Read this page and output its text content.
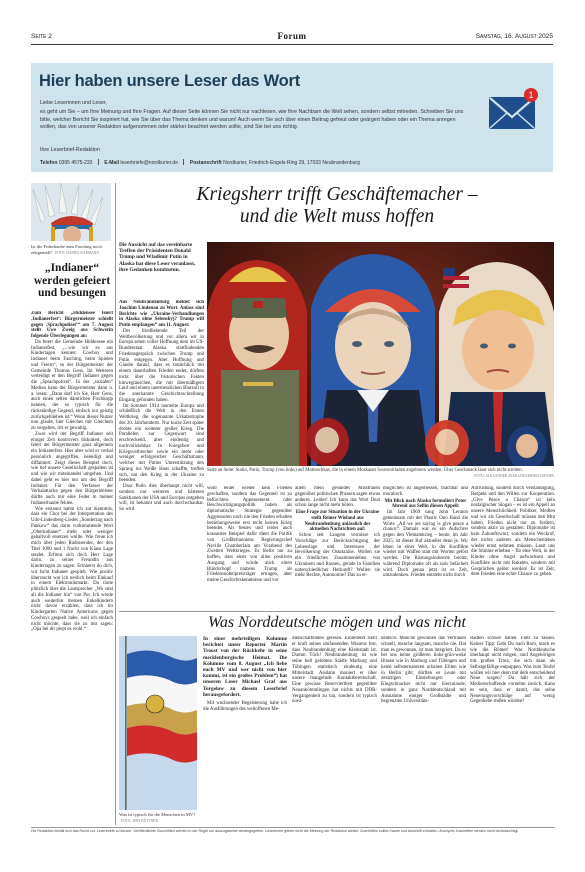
Seite 2	Forum	Samstag, 16. August 2025
Hier haben unsere Leser das Wort
Liebe Leserinnen und Leser,
es geht um Sie – um Ihre Meinung und Ihre Fragen. Auf dieser Seite können Sie nicht nur nachlesen, wie Ihre Nachbarn die Welt sehen, sondern selbst mitreden. Schreiben Sie uns bitte, welcher Bericht Sie inspiriert hat, wie Sie über das Thema denken und warum! Auch wenn Sie sich über einen Beitrag gefreut oder geärgert haben oder ein Thema anregen wollen, das von unserer Redaktion aufgenommen oder stärker beachtet werden sollte, sind Sie bei uns richtig.
Ihre Leserbrief-Redaktion
Telefon 0395 4575-233 E-Mail leserbriefe@nordkurier.de Postanschrift Nordkurier, Friedrich-Engels-Ring 29, 17033 Neubrandenburg
1
Ist die Federhaube zum Fasching noch zeitgemäß? FOTO: DANIEL KARMANN
„Indianer“ werden gefeiert und besungen

Zum Bericht „Hiddensee feiert ‚Indianerfest‘: Bürgermeister schießt gegen ‚Sprachpolizei‘“ am 7. August stellt Uwe Zweig aus Schwerin folgende Überlegungen an:

Da feiert die Gemeinde Hiddensee ein Indianerfest, „...wie wir es aus Kindertagen kennen: Cowboy und Indianer beim Fasching, beim Spielen und Feiern“, so der Bürgermeister der Gemeinde Thomas Gens. Im Weiteren verteidigt er den Begriff Indianer gegen die „Sprachpolizei“. In der „sozialen“ Medien kann der Bürgermeister dann u. a. lesen: „Dann darf ich Sie, Herr Gens, auch einen selten dämlichen Fischkopp nennen, der so typisch für die rückständige Gegend, einfach nur geistig zurückgeblieben ist.“ Wenn dieser Nutzer nun glaubt, hier Gleiches mit Gleichem zu vergelten, irrt er gewaltig.

Zwar wird der Begriff Indianer seit einiger Zeit kontrovers diskutiert, doch feiert der Bürgermeister ganz allgemein ein Indianerfest. Hier aber wird er verbal persönlich angegriffen, beleidigt und diffamiert. Zeigt dieses Beispiel doch, wie tief unsere Gesellschaft gespalten ist und wie wir miteinander umgehen. Und dabei geht es hier nur um den Begriff Indianer. Für den Verfasser der Verbalattacke gegen den Bürgermeister dürfte auch mir eine Feder in meiner Indianerhaube fehlen.

Wie erstaunt nahm ich zur Kenntnis, dass ein Chor bei der Interpretation des Udo-Lindenberg-Liedes „Sonderzug nach Pankow“ das darin vorkommende Wort „Oberindianer“ mehr oder weniger gehaltvoll ersetzen wollte. Wie freue ich mich über jeden Radiosender, der den Titel 1000 und 1 Nacht von Klaus Lage sendet. Erfreut sich doch Herr Lage darin, zu seiner Freundin aus Kindertagen zu sagen: Erinnerst du dich, wir ha'm Indianer gespielt. Wie positiv überrascht war ich neulich beim Einkauf in einem Elektronikmarkt. Da tönte plötzlich über die Lautsprecher „Wo sind all die Indianer hin“ von Pur. Ich werde auch weiterhin meinen Enkelkindern nicht davon erzählen, dass ich im Kindergarten Native Americans gegen Cowboys gespielt habe, weil ich einfach nicht möchte, dass sie zu mir sagen: „Opa bei dir piept es wohl.“

Kriegsherr trifft Geschäftemacher –
und die Welt muss hoffen
Die Aussicht auf das vereinbarte Treffen der Präsidenten Donald Trump und Wladimir Putin in Alaska hat diese Leser veranlasst, ihre Gedanken kundzutun.
Seite an Seite: Stalin, Putin, Trump (von links) auf Matroschkas, die in einem Moskauer Souvenirladen angeboten werden. Über Geschmack lässt sich nicht streiten.
FOTO: ALEXANDER ZEMLIANICHENKO/AP/DPA

Aus Neubrandenburg meldet sich Joachim Lindenau zu Wort. Anlass sind Berichte wie „Ukraine-Verhandlungen in Alaska ohne Selenskyj? Trump will Putin empfangen“ am 11. August:

Der friedliebende Teil der Weltbevölkerung und vor allem wir in Europa sehen voller Hoffnung dem im US-Bundesstaat Alaska stattfindenden Friedensgespräch zwischen Trump und Putin entgegen. Aber Hoffnung und Glaube darauf, dass es tatsächlich mit einem dauerhaften Frieden endet, dürften nicht über die historischen Fakten hinwegtäuschen, die mit übermäßigem Leid und einem unermesslichen Blutzoll in die anerkannte Geschichtsschreibung Eingang gefunden haben.

Im Sommer 1914 taumelte Europa und schließlich die Welt in den Ersten Weltkrieg, die sogenannte Urkatastrophe des 20. Jahrhunderts. Nur kurze Zeit später drohte ein weiterer großer Krieg. Die Parallelen zur Gegenwart sind erschreckend, aber eindeutig und nachvollziehbar. In Kriegsherr und Kriegsverbrecher sowie ein mehr oder weniger erfolgreicher Geschäftsmann, welcher mit Putins Unterstützung den Sprung ins Weiße Haus schaffte, treffen sich, um den Krieg in der Ukraine zu beenden.

Dass Putin dies überhaupt nicht will, sondern nur weiteren und härteren Sanktionen der USA und Europas entgehen will, ist bekannt und auch durchschaubar. So wird

wohl leider wieder kein Frieden geschaffen, sondern das Gegenteil ist zu befürchten. Appeasement oder Beschwichtigungspolitik haben als diplomatische Strategie gegenüber Aggressoren noch nie den Frieden erhalten beziehungsweise erst recht keinen Krieg beendet. Als bestes und leider auch krassestes Beispiel dafür dient die Politik von Großbritanniens Regierungschef Neville Chamberlain am Vorabend des Zweiten Weltkrieges. Es bleibt nur zu hoffen, dass einer von allen positiven Ausgang und würde auch einen Blindschopf namens Trump als Friedensnobelpreisträger ertragen, aber meine Geschichtskenntnisse und vor

allem mein gesundes Misstrauen gegenüber politischen Phrasen sagen etwas anderes. Leider! Ich kann das Wort Deal schon lange nicht mehr hören.

Eine Frage zur Situation in der Ukraine stellt Reiner Wieland aus Neubrandenburg anlässlich der aktuellen Nachrichten auf:

Schon seit Langem vermisse ich Vorschläge zur Berücksichtigung der Lebenslage und Interessen der Bevölkerung der Ostukraine. Wollen sie ein friedliches Zusammenleben von Ukrainern und Russen, gerade in Familien unterschiedlicher Herkunft? Wollen sie mehr Rechte, Autonomie? Das zu er-

möglichen ist angemessen, machbar und moralisch.

Mit Blick nach Alaska formuliert Peter Ahrend aus Sellin diesen Appell:

Im Jahr 1969 sang John Lennon gemeinsam mit der Plastic Ono Band die Worte „All we are saying is give peace a chance“. Damals war es ein Aufschrei gegen den Vietnamkrieg – heute, im Jahr 2025, ist dieser Ruf aktueller denn je. Wir leben in einer Welt, in der Konflikte wieder mit Waffen statt mit Worten gelöst werden. Die Rüstungsindustrie boomt, während Diplomatie oft als naiv belächelt wird. Doch genau jetzt ist es Zeit, umzudenken. Frieden entsteht nicht durch

Aufrüstung, sondern durch Verständigung, Respekt und den Willen zur Kooperation. „Give Peace a Chance“ ist kein nostalgischer Slogan – es ist ein Appell an unsere Menschlichkeit. Politiker, Medien und wir als Gesellschaft müssen den Mut haben, Frieden nicht nur zu fordern, sondern aktiv zu gestalten. Diplomatie ist kein Zukunftswort, sondern ein Weckruf, der nichts anderes als Menschenleben wieder ernst nehmen müssen. Lasst uns die Stimme erheben – für eine Welt, in der Kinder ohne Angst aufwachsen und Konflikte nicht mit Raketen, sondern mit Gesprächen gelöst werden! Es ist Zeit, dem Frieden eine echte Chance zu geben.

Was Norddeutsche mögen und was nicht
Was ist typisch für die Menschen in MV? FOTO: JENS BÜTTNER

In einer mehrteiligen Kolumne berichtet unser Reporter Martin Troost von der Rückkehr in seine mecklenburgische Heimat. Die Kolumne vom 8. August „Ich liebe euch MV und wer nicht von hier kommt, ist ein großes Problem“) hat unseren Leser Michael Graf aus Torgelow zu diesem Leserbrief herausgefordert.

Mit wachsender Begeisterung habe ich die Ausführungen des weltoffenen Me-

dienschaffenden gelesen. Einleitend stellt er kraft seines umfassenden Wissens fest, dass Neubrandenburg eine Kleinstadt ist. Dumm Tüch! Neubrandenburg ist wie seine hell gelobten Städte Marburg und Tübingen statistisch eindeutig eine Mittelstadt. Aisdann moniert er über unsere mangelnde Kontaktbereitschaft. Eine gewisse Reserviertheit gegenüber Neuankömmlingen hat nichts mit DDR-Vergangenheit zu tun, sondern ist typisch nord-

deutsch. Manche gewinnen das Vertrauen schnell, manche langsam, manche nie. Hat man es gewonnen, ist man integriert. Da es bei uns keine größeren links-grün-woke Blasen wie in Marburg und Tübingen und keine selbsternannten urbanen Eliten wie in Berlin gibt, dürften es Leute mit derartigen Einstellungen oder Klugschnacker nicht nur hierzulande, sondern in ganz Norddeutschland mit Ausnahme einiger Großstädte und begrenzten Universitäts-

städten schwer haben. Fußt zu fassen. Keiner Tipp: Gebt Du nach Rom, mach es wie die Römer! Was Norddeutsche überhaupt nicht mögen, sind Angehörigen mit großen Trara, die sich dann als Selbstgefällige entpuppen. Was zum Teufel wollen wir hier denn mit dem entscheidend Neue wagen? Da hält sich der Medienschaffende vornehm zurück. Kann es sein, dass er damit, das seine Neuerungsvorschläge auf wenig Gegenliebe stoßen würden?

Die Redaktion behält sich das Recht vor, Leserbriefe zu kürzen. Veröffentlichte Zuschriften werden in der Regel nur auszugsweise wiedergegeben. Leserbriefe geben nicht die Meinung der Redaktion wieder. Zuschriften sollten Name und Anschrift enthalten. Anonyme Zuschriften werden nicht berücksichtigt.
